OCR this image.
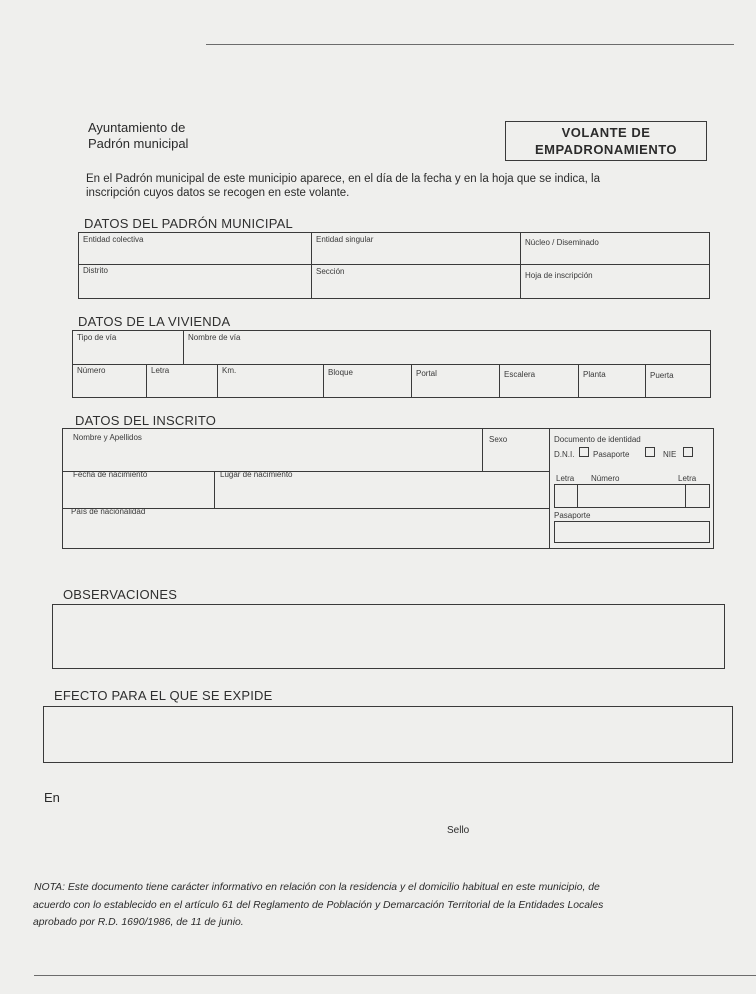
Ayuntamiento de
Padrón municipal
VOLANTE DE
EMPADRONAMIENTO
En el Padrón municipal de este municipio aparece, en el día de la fecha y en la hoja que se indica, la
inscripción cuyos datos se recogen en este volante.
DATOS DEL PADRÓN MUNICIPAL
Entidad colectiva	Entidad singular	Núcleo / Diseminado
Distrito	Sección	Hoja de inscripción
DATOS DE LA VIVIENDA
Tipo de vía	Nombre de vía
Número	Letra	Km.	Bloque	Portal	Escalera	Planta	Puerta
DATOS DEL INSCRITO
Nombre y Apellidos	Sexo
Fecha de nacimiento	Lugar de nacimiento
País de nacionalidad
Documento de identidad
D.N.I. Pasaporte	NIE
Letra Número	Letra
Pasaporte
OBSERVACIONES
EFECTO PARA EL QUE SE EXPIDE
En
Sello
NOTA: Este documento tiene carácter informativo en relación con la residencia y el domicilio habitual en este municipio, de
acuerdo con lo establecido en el artículo 61 del Reglamento de Población y Demarcación Territorial de la Entidades Locales
aprobado por R.D. 1690/1986, de 11 de junio.
